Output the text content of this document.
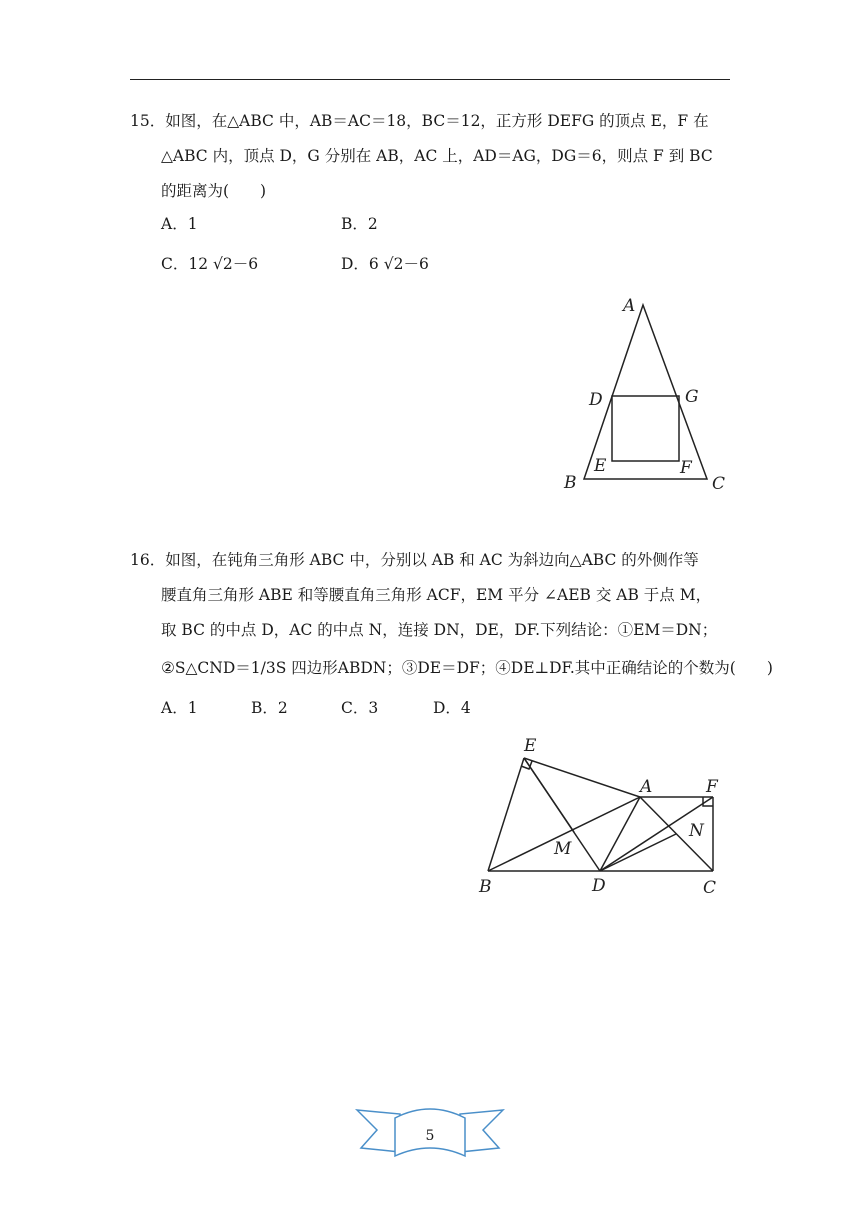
15．如图，在△ABC 中，AB＝AC＝18，BC＝12，正方形 DEFG 的顶点 E，F 在
△ABC 内，顶点 D，G 分别在 AB，AC 上，AD＝AG，DG＝6，则点 F 到 BC
的距离为(　　)
A．1	B．2
C．12 √2－6	D．6 √2－6
A
D	G
E	F
B	C
16．如图，在钝角三角形 ABC 中，分别以 AB 和 AC 为斜边向△ABC 的外侧作等
腰直角三角形 ABE 和等腰直角三角形 ACF，EM 平分 ∠AEB 交 AB 于点 M，
取 BC 的中点 D，AC 的中点 N，连接 DN，DE，DF.下列结论：①EM＝DN；
②S△CND＝1/3S 四边形ABDN；③DE＝DF；④DE⊥DF.其中正确结论的个数为(　　)
A．1	B．2	C．3	D．4
E
A	F
N
M
B	D	C
5
